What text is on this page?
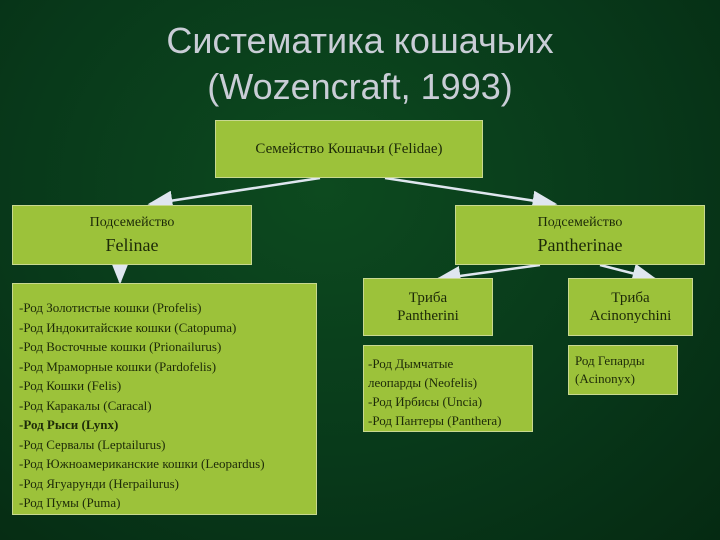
Систематика кошачьих
(Wozencraft, 1993)
Семейство Кошачьи (Felidae)
Подсемейство
Felinae
Подсемейство
Pantherinae
-Род Золотистые кошки (Profelis)
-Род Индокитайские кошки (Catopuma)
-Род Восточные кошки (Prionailurus)
-Род Мраморные кошки (Pardofelis)
-Род Кошки (Felis)
-Род Каракалы (Caracal)
-Род Рыси (Lynx)
-Род Сервалы (Leptailurus)
-Род Южноамериканские кошки (Leopardus)
-Род Ягуарунди (Herpailurus)
-Род Пумы (Puma)
Триба
Pantherini
Триба
Acinonychini
-Род Дымчатые
леопарды (Neofelis)
-Род Ирбисы (Uncia)
-Род Пантеры (Panthera)
Род Гепарды
(Acinonyx)
